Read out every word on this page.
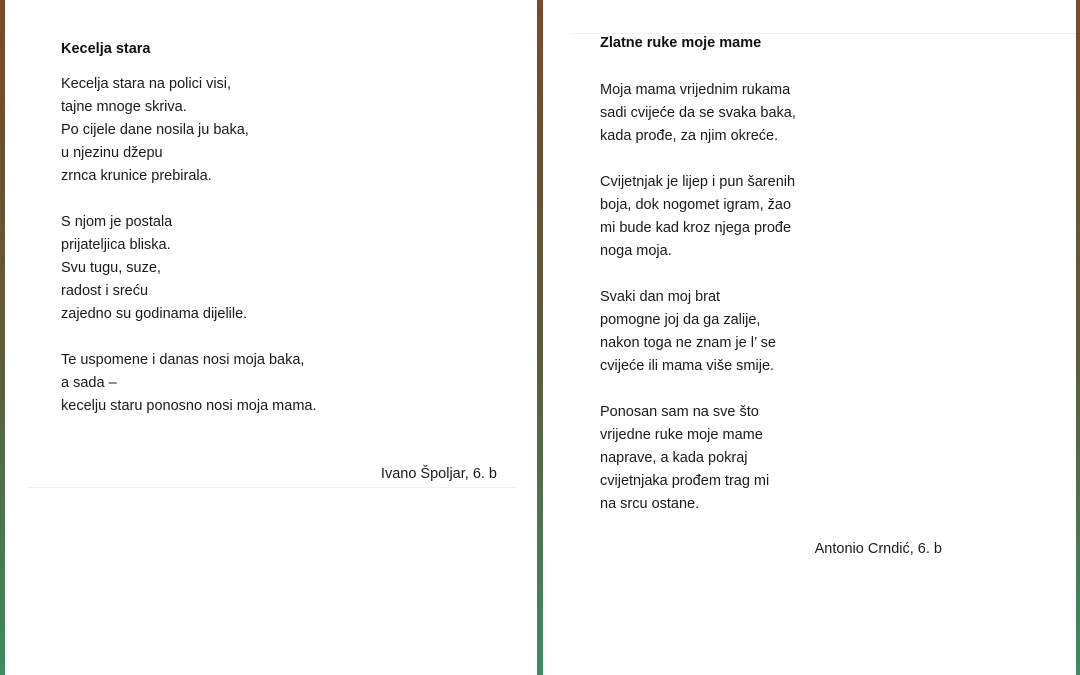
Kecelja stara
Kecelja stara na polici visi,
tajne mnoge skriva.
Po cijele dane nosila ju baka,
u njezinu džepu
zrnca krunice prebirala.
S njom je postala
prijateljica bliska.
Svu tugu, suze,
radost i sreću
zajedno su godinama dijelile.
Te uspomene i danas nosi moja baka,
a sada –
kecelju staru ponosno nosi moja mama.
Ivano Špoljar, 6. b
Zlatne ruke moje mame
Moja mama vrijednim rukama
sadi cvijeće da se svaka baka,
kada prođe, za njim okreće.
Cvijetnjak je lijep i pun šarenih
boja, dok nogomet igram, žao
mi bude kad kroz njega prođe
noga moja.
Svaki dan moj brat
pomogne joj da ga zalije,
nakon toga ne znam je l’ se
cvijeće ili mama više smije.
Ponosan sam na sve što
vrijedne ruke moje mame
naprave, a kada pokraj
cvijetnjaka prođem trag mi
na srcu ostane.
Antonio Crndić, 6. b
